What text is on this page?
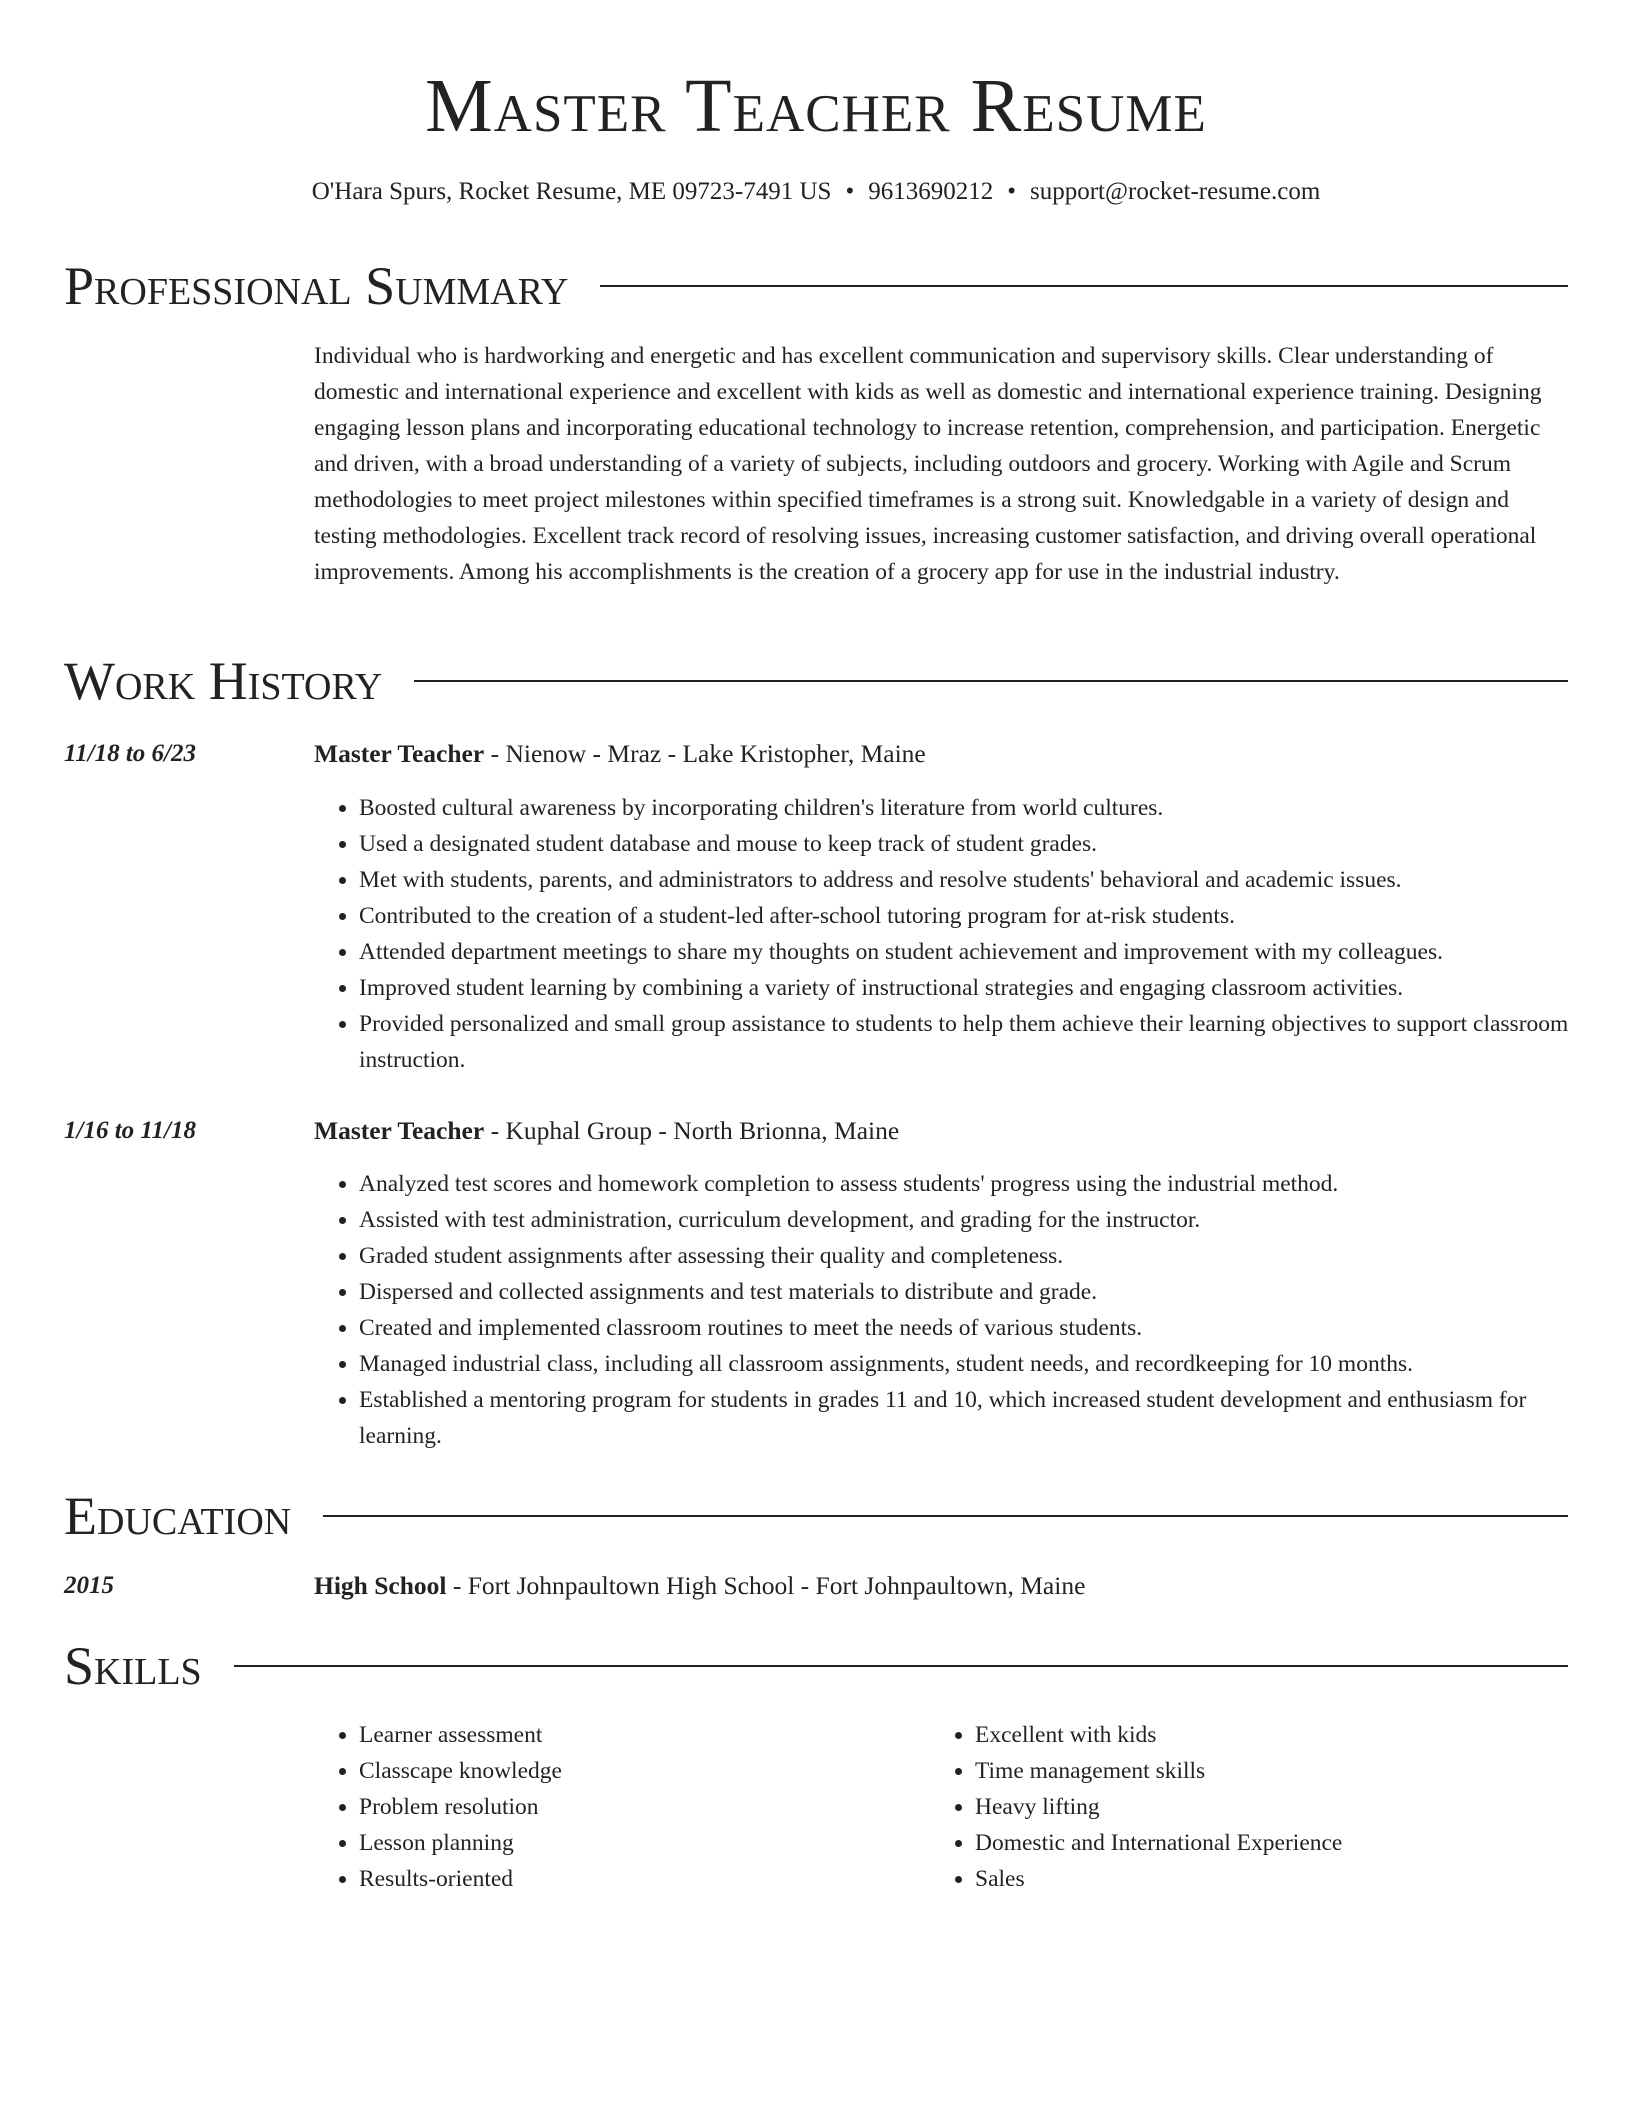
Master Teacher Resume
O'Hara Spurs, Rocket Resume, ME 09723-7491 US • 9613690212 • support@rocket-resume.com
Professional Summary

Individual who is hardworking and energetic and has excellent communication and supervisory skills. Clear understanding of domestic and international experience and excellent with kids as well as domestic and international experience training. Designing engaging lesson plans and incorporating educational technology to increase retention, comprehension, and participation. Energetic and driven, with a broad understanding of a variety of subjects, including outdoors and grocery. Working with Agile and Scrum methodologies to meet project milestones within specified timeframes is a strong suit. Knowledgable in a variety of design and testing methodologies. Excellent track record of resolving issues, increasing customer satisfaction, and driving overall operational improvements. Among his accomplishments is the creation of a grocery app for use in the industrial industry.

Work History
11/18 to 6/23	Master Teacher - Nienow - Mraz - Lake Kristopher, Maine
• Boosted cultural awareness by incorporating children's literature from world cultures.
• Used a designated student database and mouse to keep track of student grades.
• Met with students, parents, and administrators to address and resolve students' behavioral and academic issues.
• Contributed to the creation of a student-led after-school tutoring program for at-risk students.
• Attended department meetings to share my thoughts on student achievement and improvement with my colleagues.
• Improved student learning by combining a variety of instructional strategies and engaging classroom activities.
• Provided personalized and small group assistance to students to help them achieve their learning objectives to support classroom instruction.
1/16 to 11/18	Master Teacher - Kuphal Group - North Brionna, Maine
• Analyzed test scores and homework completion to assess students' progress using the industrial method.
• Assisted with test administration, curriculum development, and grading for the instructor.
• Graded student assignments after assessing their quality and completeness.
• Dispersed and collected assignments and test materials to distribute and grade.
• Created and implemented classroom routines to meet the needs of various students.
• Managed industrial class, including all classroom assignments, student needs, and recordkeeping for 10 months.
• Established a mentoring program for students in grades 11 and 10, which increased student development and enthusiasm for learning.
Education
2015	High School - Fort Johnpaultown High School - Fort Johnpaultown, Maine
Skills
• Learner assessment
• Classcape knowledge
• Problem resolution
• Lesson planning
• Results-oriented
• Excellent with kids
• Time management skills
• Heavy lifting
• Domestic and International Experience
• Sales
